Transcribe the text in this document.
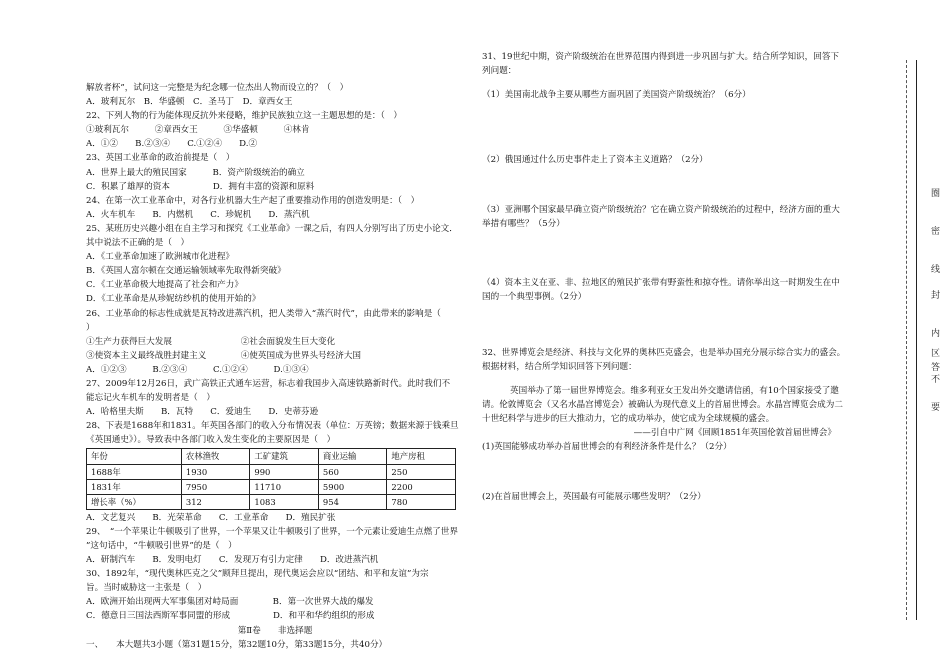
解放者杯”，试问这一完整是为纪念哪一位杰出人物而设立的？（　）
A．玻利瓦尔　B．华盛顿　C．圣马丁　D．章西女王
22、下列人物的行为能体现反抗外来侵略，维护民族独立这一主题思想的是：（　）
①玻利瓦尔　　　②章西女王　　　③华盛顿　　　④林肯
A．①②　　B.②③④　　C.①②④　　D.②
23、英国工业革命的政治前提是（　）
A．世界上最大的殖民国家　　　B．资产阶级统治的确立
C．积累了雄厚的资本　　　　　D．拥有丰富的资源和原料
24、在第一次工业革命中，对各行业机器大生产起了重要推动作用的创造发明是：（　）
A．火车机车　　B．内燃机　　C．珍妮机　　D．蒸汽机
25、某班历史兴趣小组在自主学习和探究《工业革命》一课之后，有四人分别写出了历史小论文．
其中说法不正确的是（　）
A．《工业革命加速了欧洲城市化进程》
B．《英国人富尔顿在交通运输领域率先取得新突破》
C．《工业革命极大地提高了社会和产力》
D．《工业革命是从珍妮纺纱机的使用开始的》
26、工业革命的标志性成就是瓦特改进蒸汽机，把人类带入“蒸汽时代”，由此带来的影响是（
）
①生产力获得巨大发展　　　　　　　　②社会面貌发生巨大变化
③使资本主义最终战胜封建主义　　　　④使英国成为世界头号经济大国
A．①②③　　　B.②③④　　　C.①②④　　　D.①③④
27、2009年12月26日，武广高铁正式通车运营，标志着我国步入高速铁路新时代。此时我们不
能忘记火车机车的发明者是（　）
A．哈格里夫斯　　B．瓦特　　C．爱迪生　　D．史蒂芬逊
28、下表是1688年和1831。年英国各部门的收入分布情况表（单位：万英镑；数据来源于钱乘旦
《英国通史》）。导致表中各部门收入发生变化的主要原因是（　）
年份	农林渔牧	工矿建筑	商业运输	地产房租
1688年	1930	990	560	250
1831年	7950	11710	5900	2200
增长率（%）	312	1083	954	780
A．文艺复兴　　B．光荣革命　　C．工业革命　　D．殖民扩张
29、　“一个苹果让牛顿吸引了世界，一个苹果又让牛顿吸引了世界，一个元素让爱迪生点燃了世界
”这句话中，“牛顿吸引世界”的是（　）
A．研制汽车　　B．发明电灯　　C．发现万有引力定律　　D．改进蒸汽机
30、1892年，“现代奥林匹克之父”顾拜旦提出，现代奥运会应以“团结、和平和友谊”为宗
旨。当时威胁这一主张是（　）
A．欧洲开始出现两大军事集团对峙局面　　　　B．第一次世界大战的爆发
C．德意日三国法西斯军事同盟的形成　　　　　D．和平和华约组织的形成
第Ⅱ卷　　非选择题
一、　　本大题共3小题（第31题15分，第32题10分，第33题15分，共40分）
31、19世纪中期，资产阶级统治在世界范围内得到进一步巩固与扩大。结合所学知识，回答下
列问题：
（1）美国南北战争主要从哪些方面巩固了美国资产阶级统治？（6分）
（2）俄国通过什么历史事件走上了资本主义道路？（2分）
（3）亚洲哪个国家最早确立资产阶级统治？它在确立资产阶级统治的过程中，经济方面的重大
举措有哪些？（5分）
（4）资本主义在亚、非、拉地区的殖民扩张带有野蛮性和掠夺性。请你举出这一时期发生在中
国的一个典型事例。（2分）
32、世界博览会是经济、科技与文化界的奥林匹克盛会，也是举办国充分展示综合实力的盛会。
根据材料，结合所学知识回答下列问题：
英国举办了第一届世界博览会。维多利亚女王发出外交邀请信函，有10个国家接受了邀
请。伦敦博览会（又名水晶宫博览会）被确认为现代意义上的首届世博会。水晶宫博览会成为二
十世纪科学与进步的巨大推动力，它的成功举办，使它成为全球规模的盛会。
——引自中广网《回顾1851年英国伦敦首届世博会》
(1)英国能够成功举办首届世博会的有利经济条件是什么？（2分）
(2)在首届世博会上，英国最有可能展示哪些发明？（2分）
圈
密
线
封
内
区
答
不
要
